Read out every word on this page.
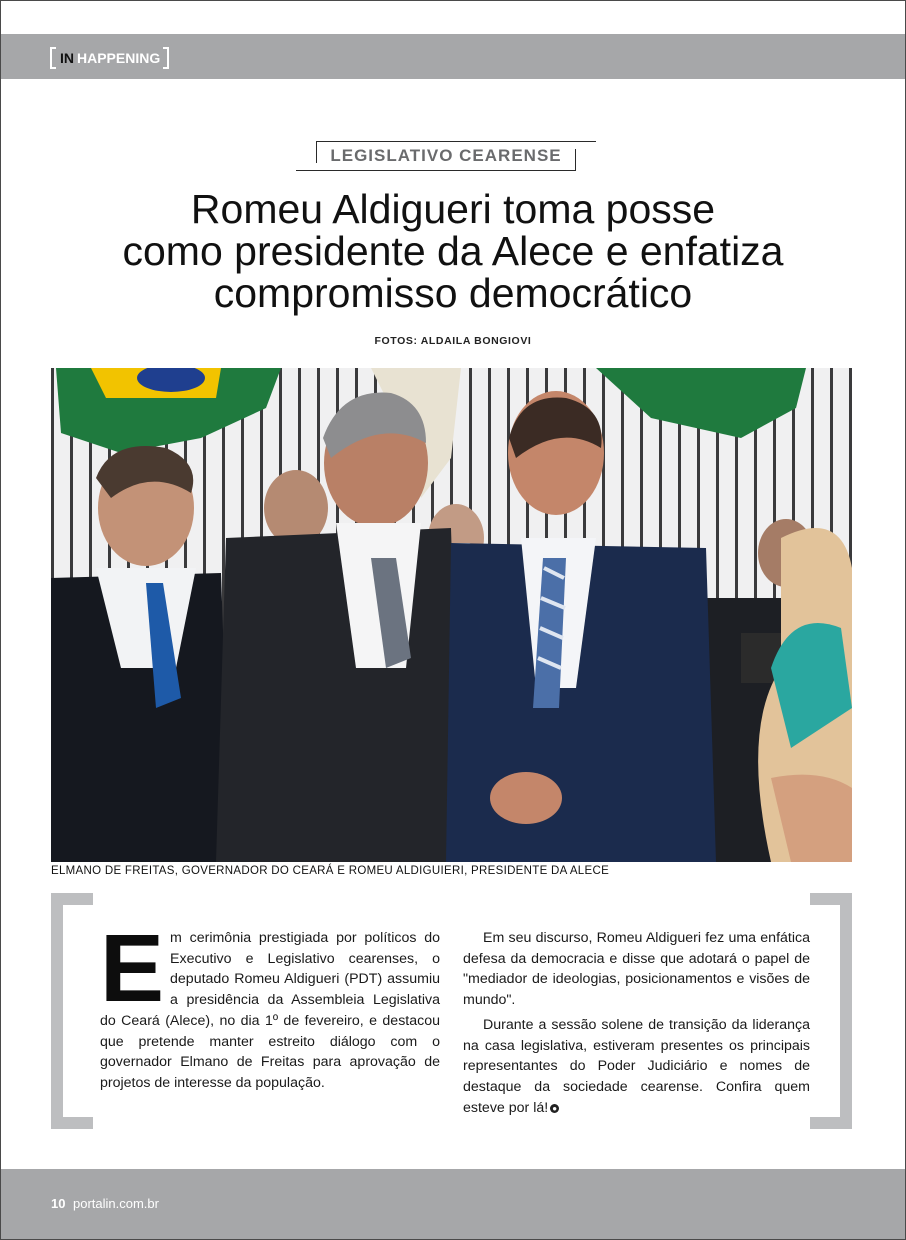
IN HAPPENING
LEGISLATIVO CEARENSE
Romeu Aldigueri toma posse
como presidente da Alece e enfatiza
compromisso democrático
FOTOS: ALDAILA BONGIOVI
ELMANO DE FREITAS, GOVERNADOR DO CEARÁ E ROMEU ALDIGUIERI, PRESIDENTE DA ALECE
E m cerimônia prestigiada por políticos do Executivo e Legislativo cearenses, o deputado Romeu Aldigueri (PDT) assumiu a presidência da Assembleia Legislativa do Ceará (Alece), no dia 1º de fevereiro, e destacou que pretende manter estreito diálogo com o governador Elmano de Freitas para aprovação de projetos de interesse da população.

Em seu discurso, Romeu Aldigueri fez uma enfática defesa da democracia e disse que adotará o papel de "mediador de ideologias, posicionamentos e visões de mundo".

Durante a sessão solene de transição da liderança na casa legislativa, estiveram presentes os principais representantes do Poder Judiciário e nomes de destaque da sociedade cearense. Confira quem esteve por lá! ●

10 portalin.com.br
